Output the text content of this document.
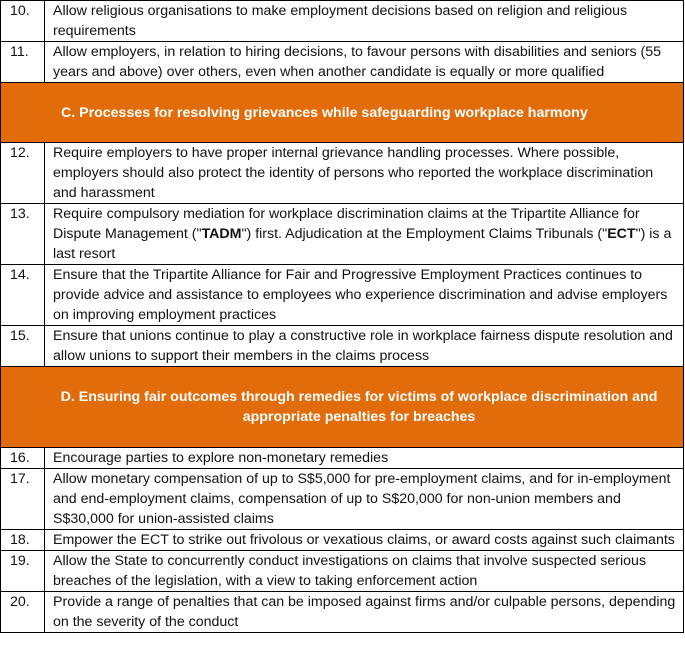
10.	Allow religious organisations to make employment decisions based on religion and religious requirements
11.	Allow employers, in relation to hiring decisions, to favour persons with disabilities and seniors (55 years and above) over others, even when another candidate is equally or more qualified

C. Processes for resolving grievances while safeguarding workplace harmony	

12.	Require employers to have proper internal grievance handling processes. Where possible, employers should also protect the identity of persons who reported the workplace discrimination and harassment
13.	Require compulsory mediation for workplace discrimination claims at the Tripartite Alliance for Dispute Management ("TADM") first. Adjudication at the Employment Claims Tribunals ("ECT") is a last resort
14.	Ensure that the Tripartite Alliance for Fair and Progressive Employment Practices continues to provide advice and assistance to employees who experience discrimination and advise employers on improving employment practices
15.	Ensure that unions continue to play a constructive role in workplace fairness dispute resolution and allow unions to support their members in the claims process

D. Ensuring fair outcomes through remedies for victims of workplace discrimination and appropriate penalties for breaches	

16.	Encourage parties to explore non-monetary remedies
17.	Allow monetary compensation of up to S$5,000 for pre-employment claims, and for in-employment and end-employment claims, compensation of up to S$20,000 for non-union members and S$30,000 for union-assisted claims
18.	Empower the ECT to strike out frivolous or vexatious claims, or award costs against such claimants
19.	Allow the State to concurrently conduct investigations on claims that involve suspected serious breaches of the legislation, with a view to taking enforcement action
20.	Provide a range of penalties that can be imposed against firms and/or culpable persons, depending on the severity of the conduct
